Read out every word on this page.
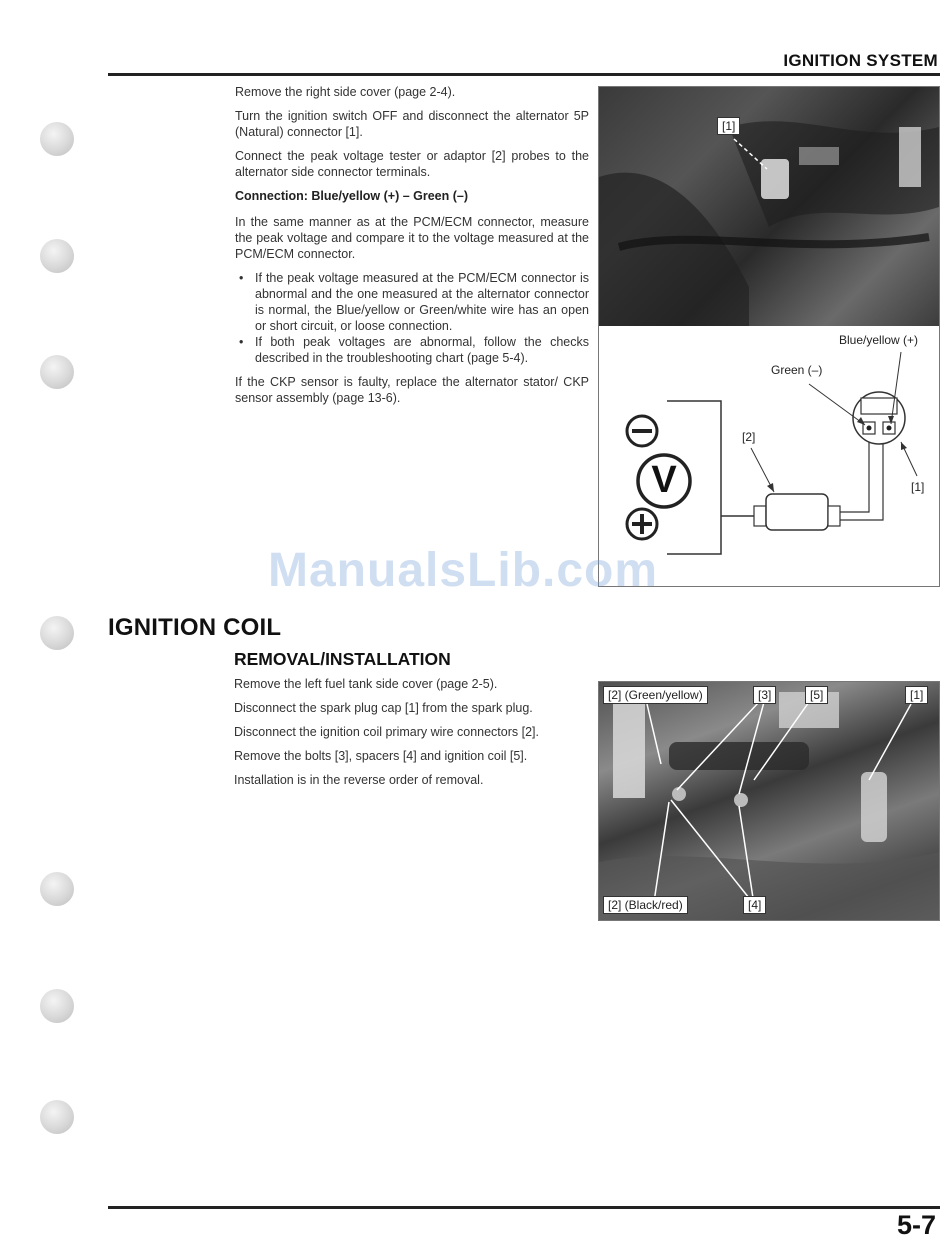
IGNITION SYSTEM

Remove the right side cover (page 2-4).

Turn the ignition switch OFF and disconnect the alternator 5P (Natural) connector [1].

Connect the peak voltage tester or adaptor [2] probes to the alternator side connector terminals.

Connection: Blue/yellow (+) – Green (–)

In the same manner as at the PCM/ECM connector, measure the peak voltage and compare it to the voltage measured at the PCM/ECM connector.

• If the peak voltage measured at the PCM/ECM connector is abnormal and the one measured at the alternator connector is normal, the Blue/yellow or Green/white wire has an open or short circuit, or loose connection.
• If both peak voltages are abnormal, follow the checks described in the troubleshooting chart (page 5-4).

If the CKP sensor is faulty, replace the alternator stator/ CKP sensor assembly (page 13-6).

[1]
V
Blue/yellow (+)
Green (–)
[2]
[1]
ManualsLib.com
IGNITION COIL
REMOVAL/INSTALLATION

Remove the left fuel tank side cover (page 2-5).

Disconnect the spark plug cap [1] from the spark plug.

Disconnect the ignition coil primary wire connectors [2].

Remove the bolts [3], spacers [4] and ignition coil [5].

Installation is in the reverse order of removal.

[2] (Green/yellow)	[3]	[5]	[1]
[2] (Black/red)	[4]
5-7
